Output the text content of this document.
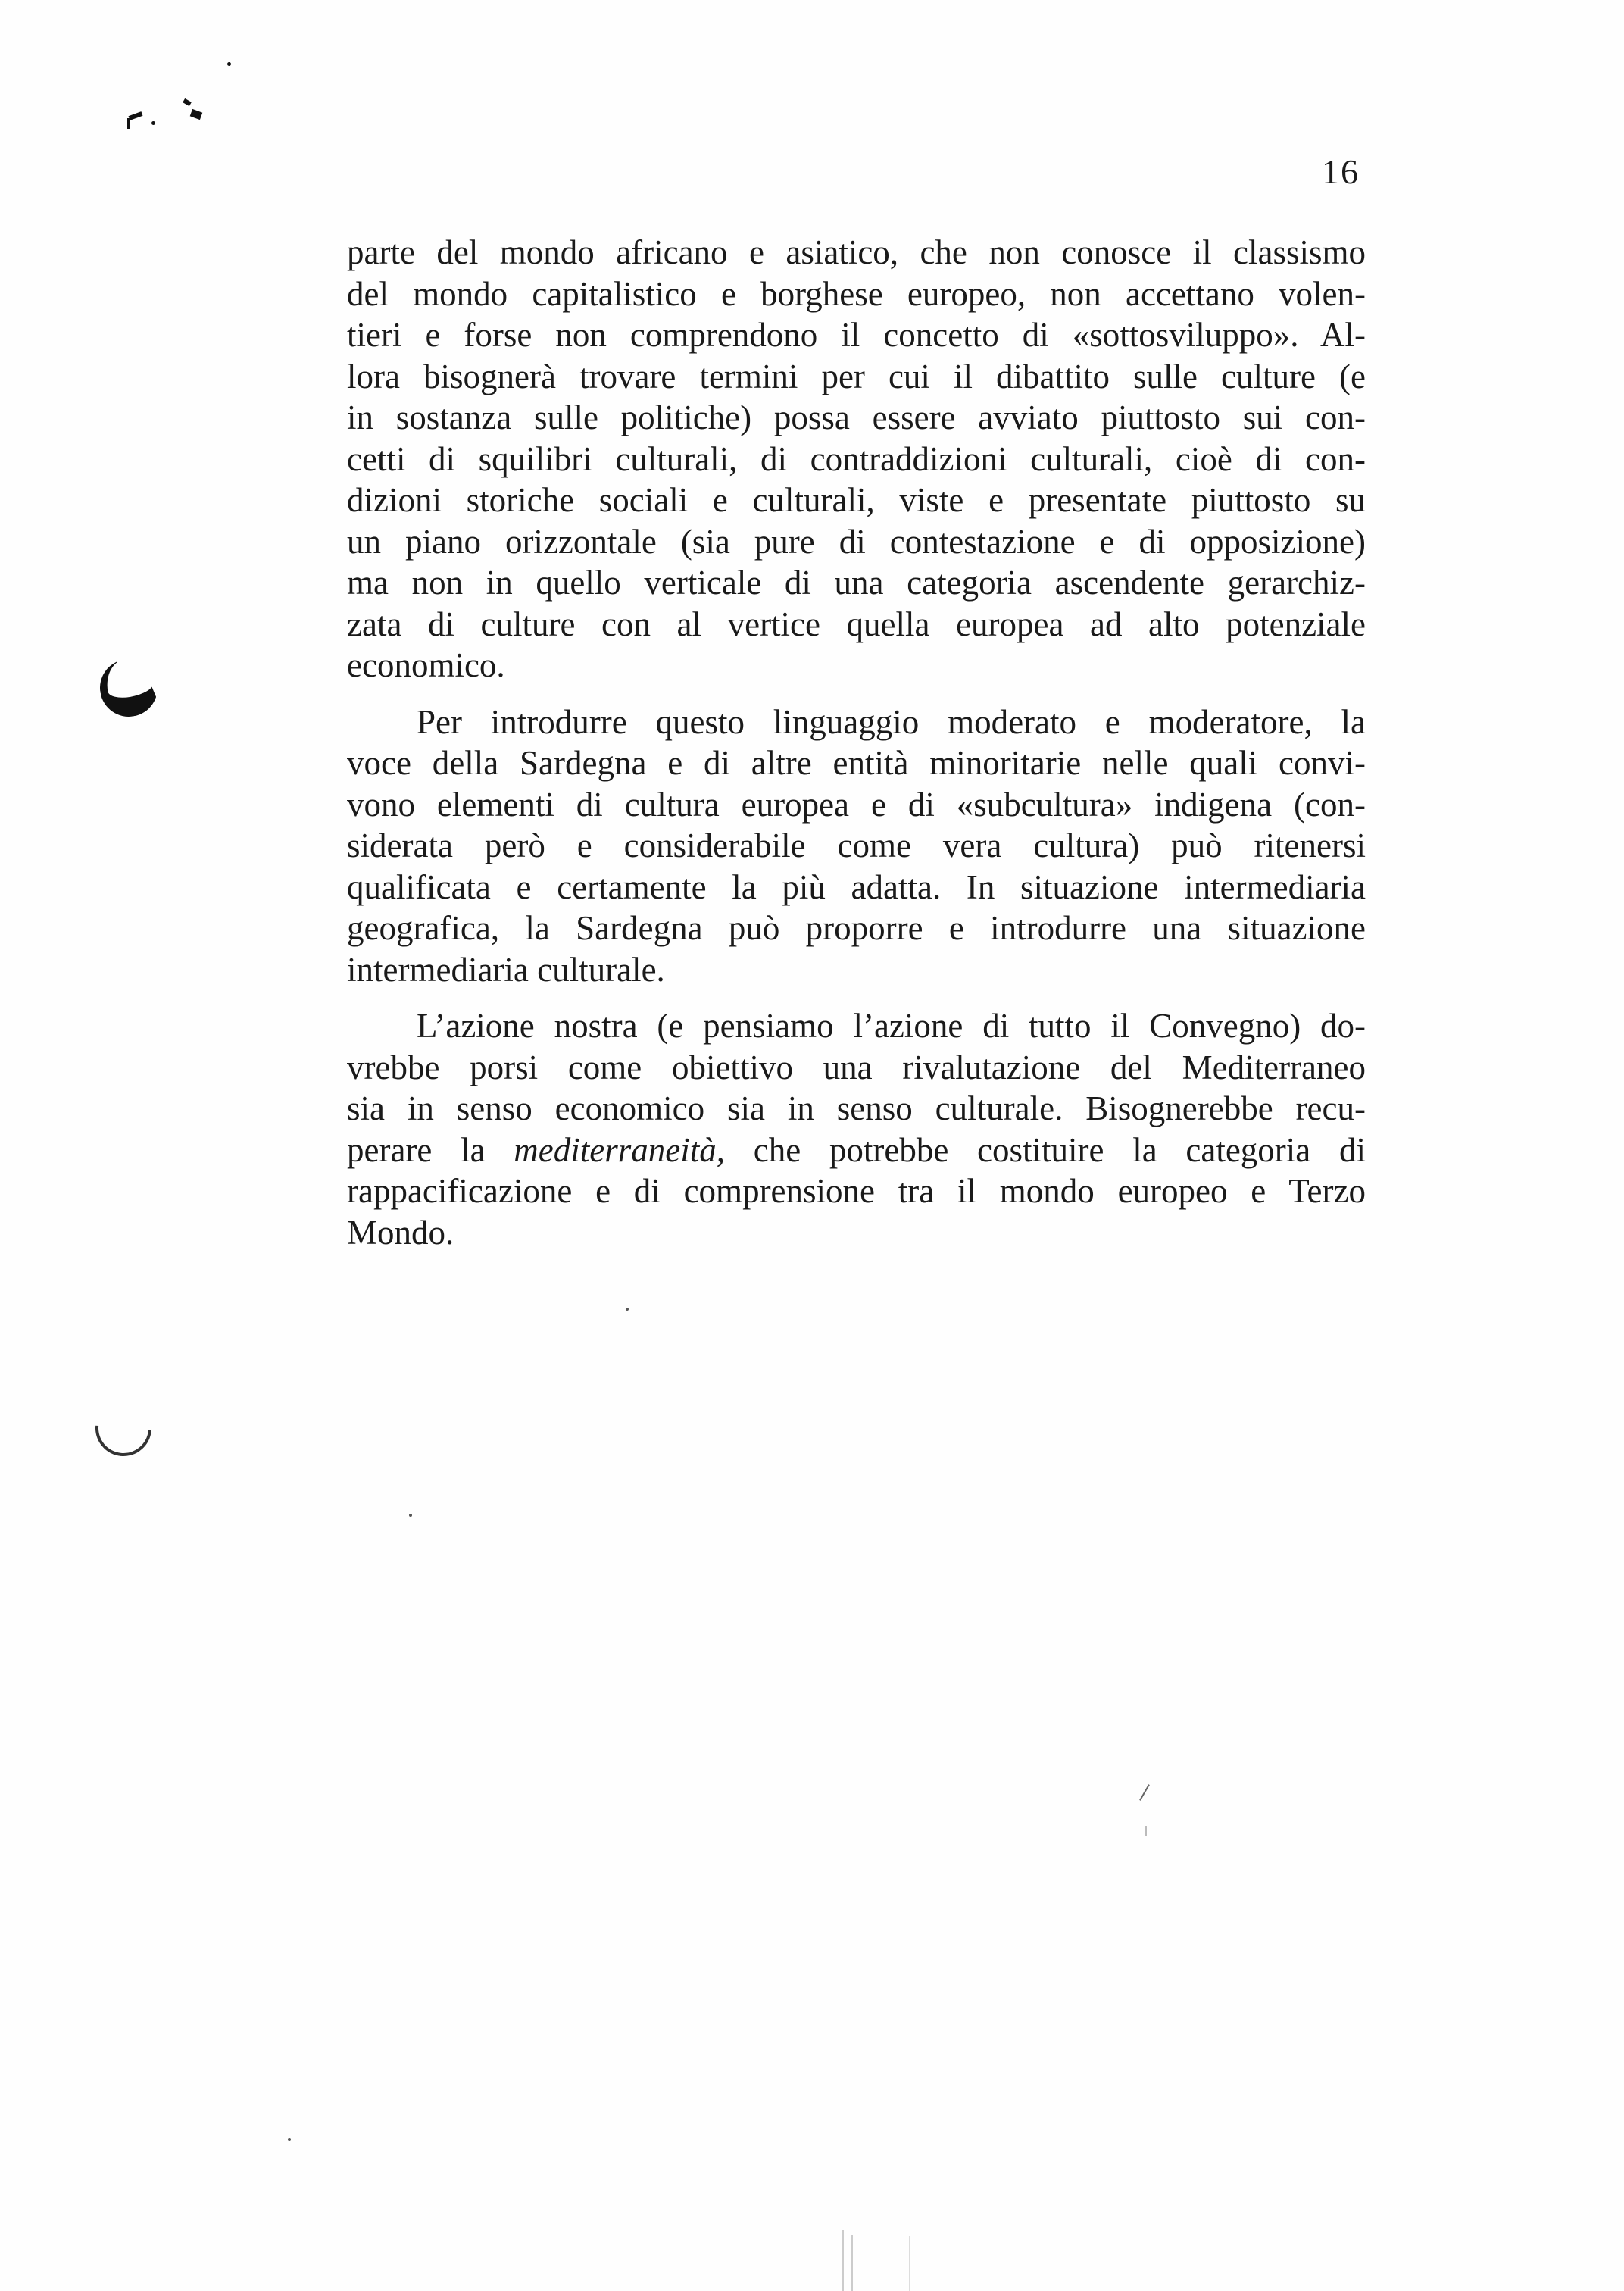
16
parte del mondo africano e asiatico, che non conosce il classismo
del mondo capitalistico e borghese europeo, non accettano volen-
tieri e forse non comprendono il concetto di «sottosviluppo». Al-
lora bisognerà trovare termini per cui il dibattito sulle culture (e
in sostanza sulle politiche) possa essere avviato piuttosto sui con-
cetti di squilibri culturali, di contraddizioni culturali, cioè di con-
dizioni storiche sociali e culturali, viste e presentate piuttosto su
un piano orizzontale (sia pure di contestazione e di opposizione)
ma non in quello verticale di una categoria ascendente gerarchiz-
zata di culture con al vertice quella europea ad alto potenziale
economico.
Per introdurre questo linguaggio moderato e moderatore, la
voce della Sardegna e di altre entità minoritarie nelle quali convi-
vono elementi di cultura europea e di «subcultura» indigena (con-
siderata però e considerabile come vera cultura) può ritenersi
qualificata e certamente la più adatta. In situazione intermediaria
geografica, la Sardegna può proporre e introdurre una situazione
intermediaria culturale.
L’azione nostra (e pensiamo l’azione di tutto il Convegno) do-
vrebbe porsi come obiettivo una rivalutazione del Mediterraneo
sia in senso economico sia in senso culturale. Bisognerebbe recu-
perare la mediterraneità, che potrebbe costituire la categoria di
rappacificazione e di comprensione tra il mondo europeo e Terzo
Mondo.
